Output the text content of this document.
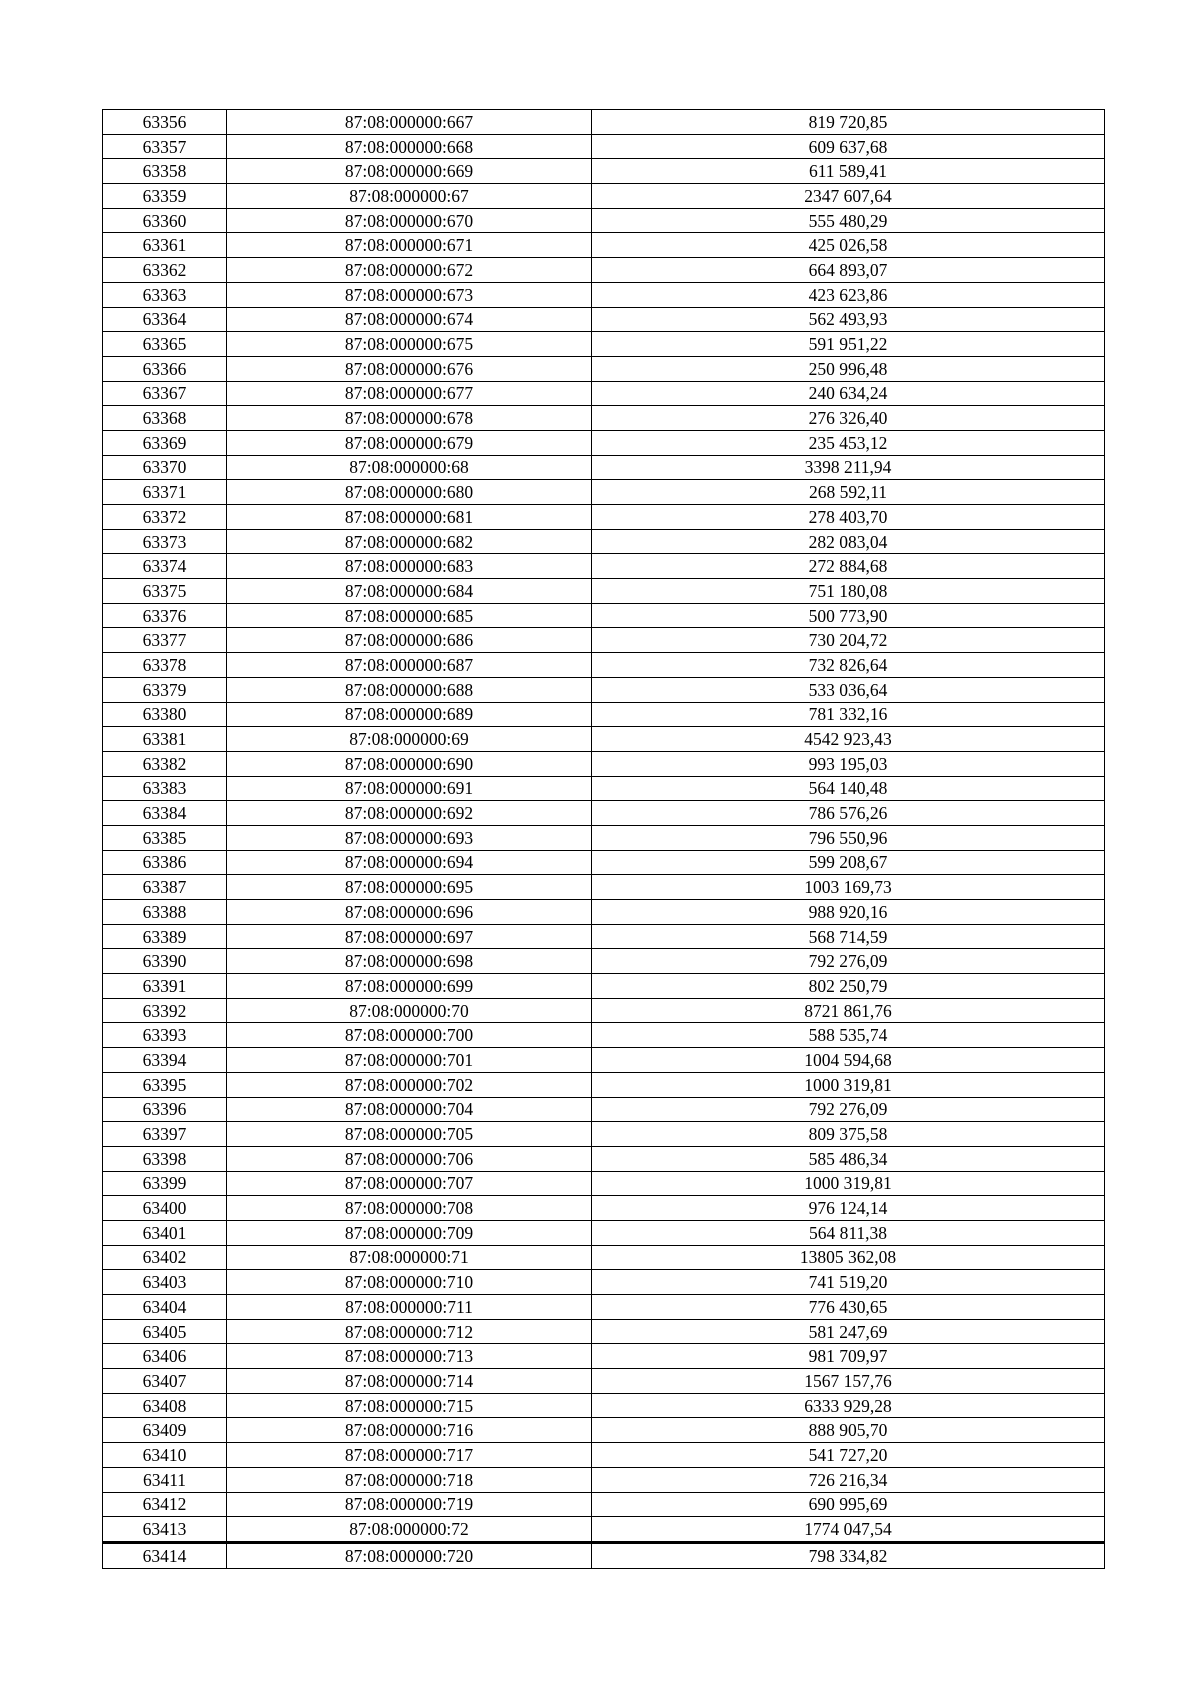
63356	87:08:000000:667	819 720,85
63357	87:08:000000:668	609 637,68
63358	87:08:000000:669	611 589,41
63359	87:08:000000:67	2347 607,64
63360	87:08:000000:670	555 480,29
63361	87:08:000000:671	425 026,58
63362	87:08:000000:672	664 893,07
63363	87:08:000000:673	423 623,86
63364	87:08:000000:674	562 493,93
63365	87:08:000000:675	591 951,22
63366	87:08:000000:676	250 996,48
63367	87:08:000000:677	240 634,24
63368	87:08:000000:678	276 326,40
63369	87:08:000000:679	235 453,12
63370	87:08:000000:68	3398 211,94
63371	87:08:000000:680	268 592,11
63372	87:08:000000:681	278 403,70
63373	87:08:000000:682	282 083,04
63374	87:08:000000:683	272 884,68
63375	87:08:000000:684	751 180,08
63376	87:08:000000:685	500 773,90
63377	87:08:000000:686	730 204,72
63378	87:08:000000:687	732 826,64
63379	87:08:000000:688	533 036,64
63380	87:08:000000:689	781 332,16
63381	87:08:000000:69	4542 923,43
63382	87:08:000000:690	993 195,03
63383	87:08:000000:691	564 140,48
63384	87:08:000000:692	786 576,26
63385	87:08:000000:693	796 550,96
63386	87:08:000000:694	599 208,67
63387	87:08:000000:695	1003 169,73
63388	87:08:000000:696	988 920,16
63389	87:08:000000:697	568 714,59
63390	87:08:000000:698	792 276,09
63391	87:08:000000:699	802 250,79
63392	87:08:000000:70	8721 861,76
63393	87:08:000000:700	588 535,74
63394	87:08:000000:701	1004 594,68
63395	87:08:000000:702	1000 319,81
63396	87:08:000000:704	792 276,09
63397	87:08:000000:705	809 375,58
63398	87:08:000000:706	585 486,34
63399	87:08:000000:707	1000 319,81
63400	87:08:000000:708	976 124,14
63401	87:08:000000:709	564 811,38
63402	87:08:000000:71	13805 362,08
63403	87:08:000000:710	741 519,20
63404	87:08:000000:711	776 430,65
63405	87:08:000000:712	581 247,69
63406	87:08:000000:713	981 709,97
63407	87:08:000000:714	1567 157,76
63408	87:08:000000:715	6333 929,28
63409	87:08:000000:716	888 905,70
63410	87:08:000000:717	541 727,20
63411	87:08:000000:718	726 216,34
63412	87:08:000000:719	690 995,69
63413	87:08:000000:72	1774 047,54
63414	87:08:000000:720	798 334,82
